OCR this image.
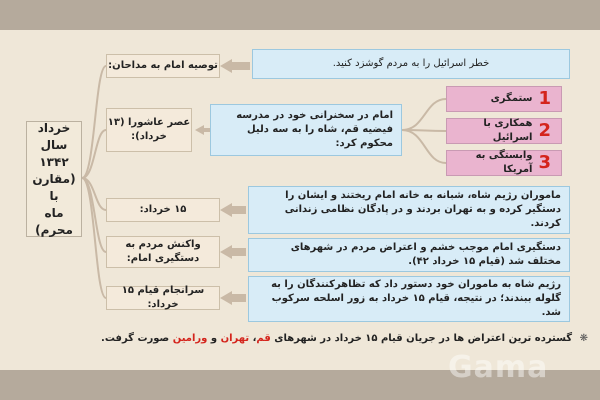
خرداد
سال
۱۳۴۲
(مقارن با
ماه
محرم)
توصیه امام به مداحان:	خطر اسرائیل را به مردم گوشزد کنید.
عصر عاشورا (۱۳ خرداد):
امام در سخنرانی خود در مدرسه فیضیه قم، شاه را به سه دلیل محکوم کرد:
1
ستمگری
2
همکاری با اسرائیل
3
وابستگی به آمریکا
۱۵ خرداد:
ماموران رژیم شاه، شبانه به خانه امام ریختند و ایشان را دستگیر کرده و به تهران بردند و در پادگان نظامی زندانی کردند.
واکنش مردم به دستگیری امام:
دستگیری امام موجب خشم و اعتراض مردم در شهرهای مختلف شد (قیام ۱۵ خرداد ۴۲).
سرانجام قیام ۱۵ خرداد:
رژیم شاه به ماموران خود دستور داد که تظاهرکنندگان را به گلوله ببندند؛ در نتیجه، قیام ۱۵ خرداد به زور اسلحه سرکوب شد.
❋ گسترده ترین اعتراض ها در جریان قیام ۱۵ خرداد در شهرهای قم، تهران و ورامین صورت گرفت.
Gama
